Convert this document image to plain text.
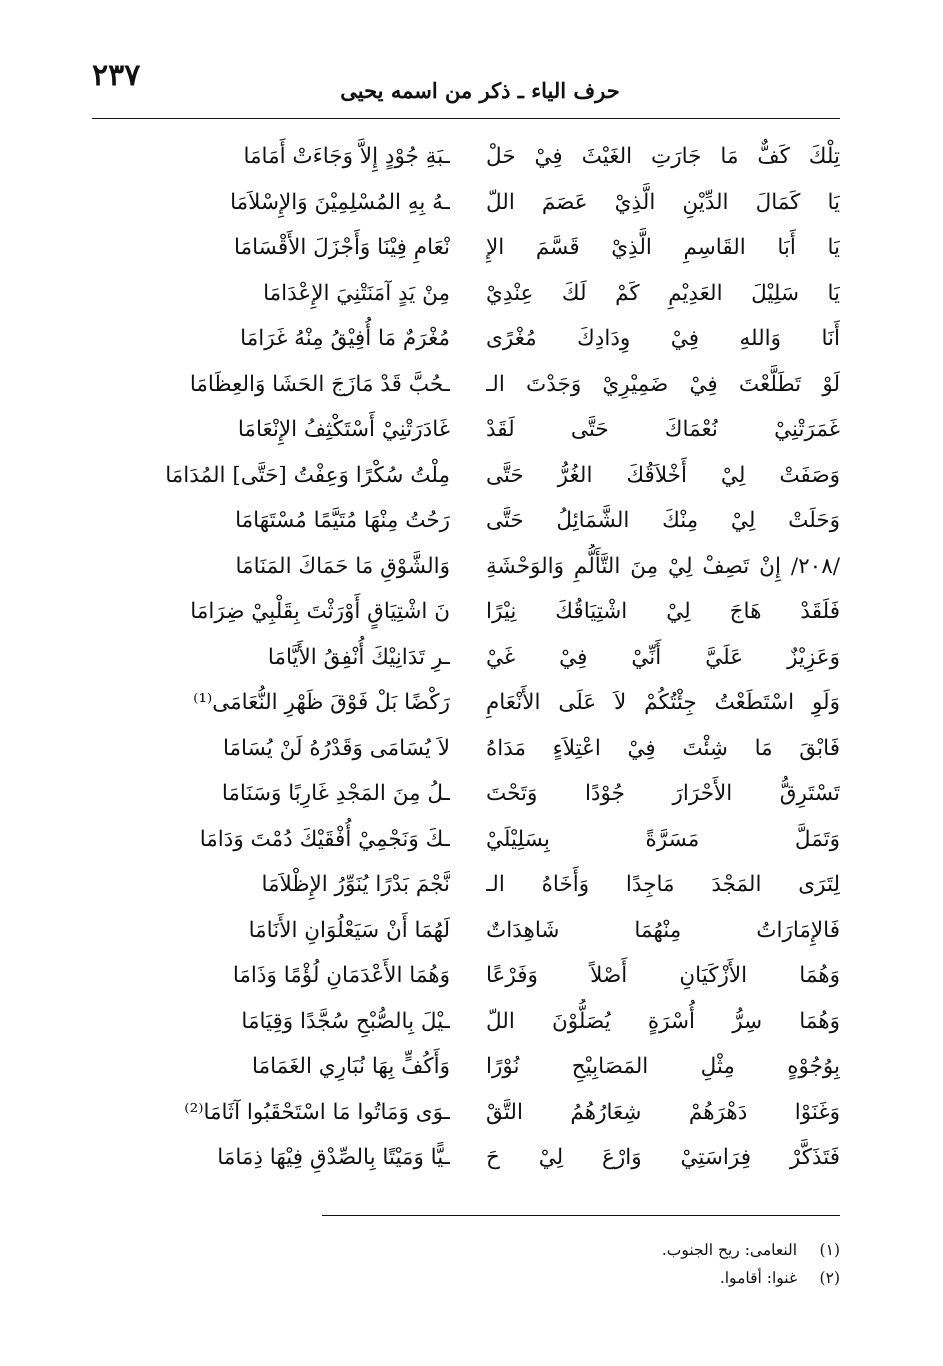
٢٣٧	حرف الياء ـ ذكر من اسمه يحيى
تِلْكَ كَفٌّ مَا جَارَتِ الغَيْثَ فِيْ حَلْ
يَا كَمَالَ الدِّيْنِ الَّذِيْ عَصَمَ اللّ
يَا أَبَا القَاسِمِ الَّذِيْ قَسَّمَ الإِ
يَا سَلِيْلَ العَدِيْمِ كَمْ لَكَ عِنْدِيْ
أَنَا وَاللهِ فِيْ وِدَادِكَ مُغْرًى
لَوْ تَطَلَّعْتَ فِيْ ضَمِيْرِيْ وَجَدْتَ الـ
غَمَرَتْنِيْ نُعْمَاكَ حَتَّى لَقَدْ
وَصَفَتْ لِيْ أَخْلاَقُكَ الغُرُّ حَتَّى
وَحَلَتْ لِيْ مِنْكَ الشَّمَائِلُ حَتَّى
/٢٠٨/ إِنْ تَصِفْ لِيْ مِنَ التَّأَلُّمِ وَالوَحْشَةِ
فَلَقَدْ هَاجَ لِيْ اشْتِيَاقُكَ نِيْرًا
وَعَزِيْزٌ عَلَيَّ أَنِّيْ فِيْ غَيْ
وَلَوِ اسْتَطَعْتُ جِئْتُكُمْ لاَ عَلَى الأَنْعَامِ
فَابْقَ مَا شِئْتَ فِيْ اعْتِلاَءٍ مَدَاهُ
تَسْتَرِقُّ الأَحْرَارَ جُوْدًا وَتَحْتَ
وَتَمَلَّ مَسَرَّةً بِسَلِيْلَيْ
لِتَرَى المَجْدَ مَاجِدًا وَأَخَاهُ الـ
فَالإِمَارَاتُ مِنْهُمَا شَاهِدَاتٌ
وَهُمَا الأَزْكَيَانِ أَصْلاً وَفَرْعًا
وَهُمَا سِرُّ أُسْرَةٍ يُصَلُّوْنَ اللّ
بِوُجُوْهٍ مِثْلِ المَصَابِيْحِ نُوْرًا
وَغَنَوْا دَهْرَهُمْ شِعَارُهُمُ التَّقْ
فَتَذَكَّرْ فِرَاسَتِيْ وَارْعَ لِيْ حَ
ـبَةِ جُوْدٍ إِلاَّ وَجَاءَتْ أَمَامَا
ـهُ بِهِ المُسْلِمِيْنَ وَالإِسْلاَمَا
نْعَامِ فِيْنَا وَأَجْزَلَ الأَقْسَامَا
مِنْ يَدٍ آمَنَتْنِيَ الإِعْدَامَا
مُغْرَمٌ مَا أُفِيْقُ مِنْهُ غَرَامَا
ـحُبَّ قَدْ مَازَجَ الحَشَا وَالعِظَامَا
غَادَرَتْنِيْ أَسْتَكْثِفُ الإِنْعَامَا
مِلْتُ سُكْرًا وَعِفْتُ [حَتَّى] المُدَامَا
رَحُتُ مِنْهَا مُتَيَّمًا مُسْتَهَامَا
وَالشَّوْقِ مَا حَمَاكَ المَنَامَا
نَ اشْتِيَاقٍ أَوْرَثْتَ بِقَلْبِيْ ضِرَامَا
ـرِ تَدَانِيْكَ أُنْفِقُ الأَيَّامَا
رَكْضًا بَلْ فَوْقَ ظَهْرِ النُّعَامَى⁽¹⁾
لاَ يُسَامَى وَقَدْرُهُ لَنْ يُسَامَا
ـلُ مِنَ المَجْدِ غَارِبًا وَسَنَامَا
ـكَ وَنَجْمِيْ أُفْقَيْكَ دُمْتَ وَدَامَا
نَّجْمَ بَدْرًا يُنَوِّرُ الإِظْلاَمَا
لَهُمَا أَنْ سَيَعْلُوَانِ الأَنَامَا
وَهُمَا الأَعْدَمَانِ لُؤْمًا وَذَامَا
ـيْلَ بِالصُّبْحِ سُجَّدًا وَقِيَامَا
وَأَكُفٍّ بِهَا نُبَارِي الغَمَامَا
ـوَى وَمَاتُوا مَا اسْتَحْقَبُوا آثَامَا⁽²⁾
ـيًّا وَمَيْتًا بِالصِّدْقِ فِيْهَا ذِمَامَا
(١) النعامى: ريح الجنوب.
(٢) غنوا: أقاموا.
